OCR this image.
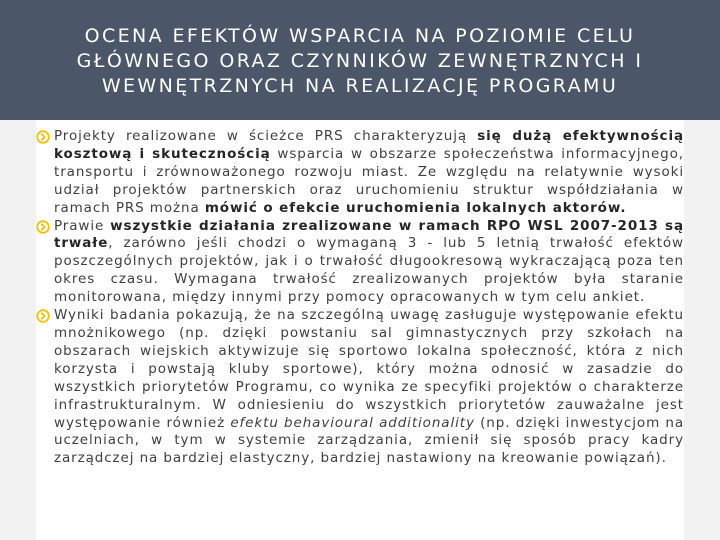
OCENA EFEKTÓW WSPARCIA NA POZIOMIE CELU
GŁÓWNEGO ORAZ CZYNNIKÓW ZEWNĘTRZNYCH I
WEWNĘTRZNYCH NA REALIZACJĘ PROGRAMU

Projekty realizowane w ścieżce PRS charakteryzują się dużą efektywnością kosztową i skutecznością wsparcia w obszarze społeczeństwa informacyjnego, transportu i zrównoważonego rozwoju miast. Ze względu na relatywnie wysoki udział projektów partnerskich oraz uruchomieniu struktur współdziałania w ramach PRS można mówić o efekcie uruchomienia lokalnych aktorów.

Prawie wszystkie działania zrealizowane w ramach RPO WSL 2007-2013 są trwałe, zarówno jeśli chodzi o wymaganą 3 - lub 5 letnią trwałość efektów poszczególnych projektów, jak i o trwałość długookresową wykraczającą poza ten okres czasu. Wymagana trwałość zrealizowanych projektów była staranie monitorowana, między innymi przy pomocy opracowanych w tym celu ankiet.

Wyniki badania pokazują, że na szczególną uwagę zasługuje występowanie efektu mnożnikowego (np. dzięki powstaniu sal gimnastycznych przy szkołach na obszarach wiejskich aktywizuje się sportowo lokalna społeczność, która z nich korzysta i powstają kluby sportowe), który można odnosić w zasadzie do wszystkich priorytetów Programu, co wynika ze specyfiki projektów o charakterze infrastrukturalnym. W odniesieniu do wszystkich priorytetów zauważalne jest występowanie również efektu behavioural additionality (np. dzięki inwestycjom na uczelniach, w tym w systemie zarządzania, zmienił się sposób pracy kadry zarządczej na bardziej elastyczny, bardziej nastawiony na kreowanie powiązań).
